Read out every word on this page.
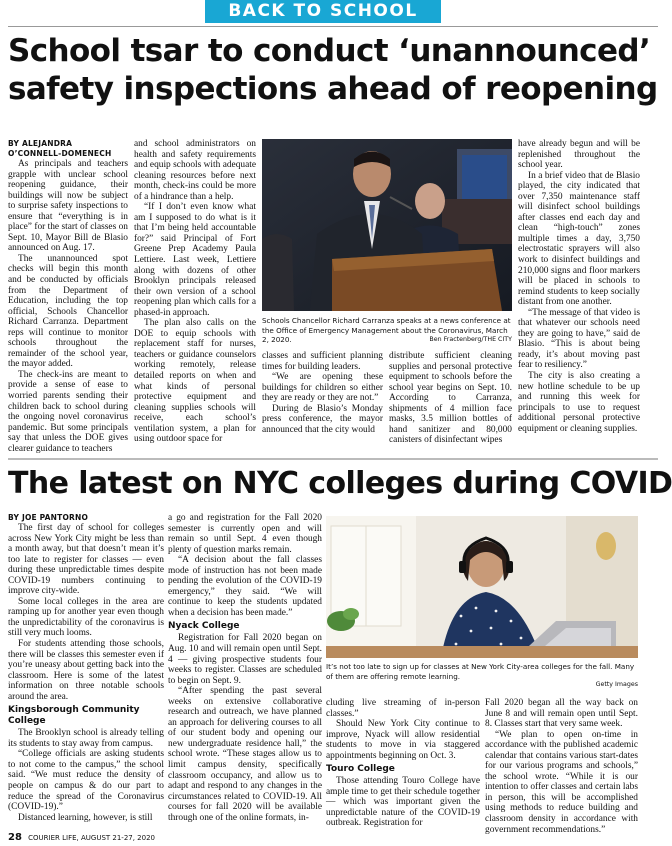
BACK TO SCHOOL
School tsar to conduct ‘unannounced’
safety inspections ahead of reopening

BY ALEJANDRA O’CONNELL-DOMENECH

As principals and teachers grapple with unclear school reopening guidance, their buildings will now be subject to surprise safety inspections to ensure that “everything is in place” for the start of classes on Sept. 10, Mayor Bill de Blasio announced on Aug. 17.

The unannounced spot checks will begin this month and be conducted by officials from the Department of Education, including the top official, Schools Chancellor Richard Carranza. Department reps will continue to monitor schools throughout the remainder of the school year, the mayor added.

The check-ins are meant to provide a sense of ease to worried parents sending their children back to school during the ongoing novel coronavirus pandemic. But some principals say that unless the DOE gives clearer guidance to teachers

and school administrators on health and safety requirements and equip schools with adequate cleaning resources before next month, check-ins could be more of a hindrance than a help.

“If I don’t even know what am I supposed to do what is it that I’m being held accountable for?” said Principal of Fort Greene Prep Academy Paula Lettiere. Last week, Lettiere along with dozens of other Brooklyn principals released their own version of a school reopening plan which calls for a phased-in approach.

The plan also calls on the DOE to equip schools with replacement staff for nurses, teachers or guidance counselors working remotely, release detailed reports on when and what kinds of personal protective equipment and cleaning supplies schools will receive, each school’s ventilation system, a plan for using outdoor space for

Schools Chancellor Richard Carranza speaks at a news conference at the Office of Emergency Management about the Coronavirus, March 2, 2020.	Ben Fractenberg/THE CITY

classes and sufficient planning times for building leaders.

“We are opening these buildings for children so either they are ready or they are not.”

During de Blasio’s Monday press conference, the mayor announced that the city would

distribute sufficient cleaning supplies and personal protective equipment to schools before the school year begins on Sept. 10. According to Carranza, shipments of 4 million face masks, 3.5 million bottles of hand sanitizer and 80,000 canisters of disinfectant wipes

have already begun and will be replenished throughout the school year.

In a brief video that de Blasio played, the city indicated that over 7,350 maintenance staff will disinfect school buildings after classes end each day and clean “high-touch” zones multiple times a day, 3,750 electrostatic sprayers will also work to disinfect buildings and 210,000 signs and floor markers will be placed in schools to remind students to keep socially distant from one another.

“The message of that video is that whatever our schools need they are going to have,” said de Blasio. “This is about being ready, it’s about moving past fear to resiliency.”

The city is also creating a new hotline schedule to be up and running this week for principals to use to request additional personal protective equipment or cleaning supplies.

The latest on NYC colleges during COVID

BY JOE PANTORNO

The first day of school for colleges across New York City might be less than a month away, but that doesn’t mean it’s too late to register for classes — even during these unpredictable times despite COVID-19 numbers continuing to improve city-wide.

Some local colleges in the area are ramping up for another year even though the unpredictability of the coronavirus is still very much looms.

For students attending those schools, there will be classes this semester even if you’re uneasy about getting back into the classroom. Here is some of the latest information on three notable schools around the area.

Kingsborough Community College

The Brooklyn school is already telling its students to stay away from campus.

“College officials are asking students to not come to the campus,” the school said. “We must reduce the density of people on campus & do our part to reduce the spread of the Coronavirus (COVID-19).”

Distanced learning, however, is still

a go and registration for the Fall 2020 semester is currently open and will remain so until Sept. 4 even though plenty of question marks remain.

“A decision about the fall classes mode of instruction has not been made pending the evolution of the COVID-19 emergency,” they said. “We will continue to keep the students updated when a decision has been made.”

Nyack College

Registration for Fall 2020 began on Aug. 10 and will remain open until Sept. 4 — giving prospective students four weeks to register. Classes are scheduled to begin on Sept. 9.

“After spending the past several weeks on extensive collaborative research and outreach, we have planned an approach for delivering courses to all of our student body and opening our new undergraduate residence hall,” the school wrote. “These stages allow us to limit campus density, specifically classroom occupancy, and allow us to adapt and respond to any changes in the circumstances related to COVID-19. All courses for fall 2020 will be available through one of the online formats, in-

It’s not too late to sign up for classes at New York City-area colleges for the fall. Many of them are offering remote learning.
Getty Images

cluding live streaming of in-person classes.”

Should New York City continue to improve, Nyack will allow residential students to move in via staggered appointments beginning on Oct. 3.

Touro College

Those attending Touro College have ample time to get their schedule together — which was important given the unpredictable nature of the COVID-19 outbreak. Registration for

Fall 2020 began all the way back on June 8 and will remain open until Sept. 8. Classes start that very same week.

“We plan to open on-time in accordance with the published academic calendar that contains various start-dates for our various programs and schools,” the school wrote. “While it is our intention to offer classes and certain labs in person, this will be accomplished using methods to reduce building and classroom density in accordance with government recommendations.”

28 COURIER LIFE, AUGUST 21-27, 2020
